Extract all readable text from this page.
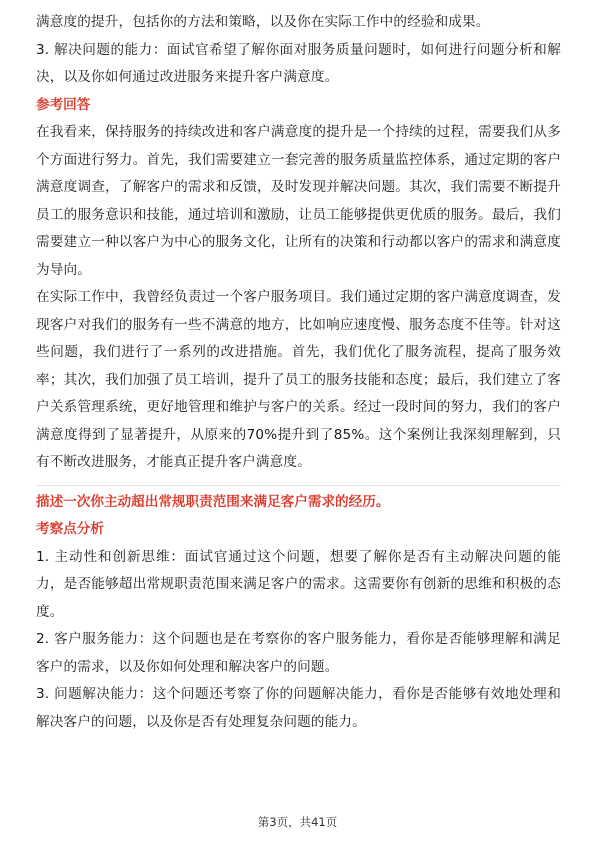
满意度的提升，包括你的方法和策略，以及你在实际工作中的经验和成果。

3. 解决问题的能力：面试官希望了解你面对服务质量问题时，如何进行问题分析和解决，以及你如何通过改进服务来提升客户满意度。

参考回答

在我看来，保持服务的持续改进和客户满意度的提升是一个持续的过程，需要我们从多个方面进行努力。首先，我们需要建立一套完善的服务质量监控体系，通过定期的客户满意度调查，了解客户的需求和反馈，及时发现并解决问题。其次，我们需要不断提升员工的服务意识和技能，通过培训和激励，让员工能够提供更优质的服务。最后，我们需要建立一种以客户为中心的服务文化，让所有的决策和行动都以客户的需求和满意度为导向。

在实际工作中，我曾经负责过一个客户服务项目。我们通过定期的客户满意度调查，发现客户对我们的服务有一些不满意的地方，比如响应速度慢、服务态度不佳等。针对这些问题，我们进行了一系列的改进措施。首先，我们优化了服务流程，提高了服务效率；其次，我们加强了员工培训，提升了员工的服务技能和态度；最后，我们建立了客户关系管理系统，更好地管理和维护与客户的关系。经过一段时间的努力，我们的客户满意度得到了显著提升，从原来的70%提升到了85%。这个案例让我深刻理解到，只有不断改进服务，才能真正提升客户满意度。

描述一次你主动超出常规职责范围来满足客户需求的经历。

考察点分析

1. 主动性和创新思维：面试官通过这个问题，想要了解你是否有主动解决问题的能力，是否能够超出常规职责范围来满足客户的需求。这需要你有创新的思维和积极的态度。

2. 客户服务能力：这个问题也是在考察你的客户服务能力，看你是否能够理解和满足客户的需求，以及你如何处理和解决客户的问题。

3. 问题解决能力：这个问题还考察了你的问题解决能力，看你是否能够有效地处理和解决客户的问题，以及你是否有处理复杂问题的能力。

第3页，共41页
